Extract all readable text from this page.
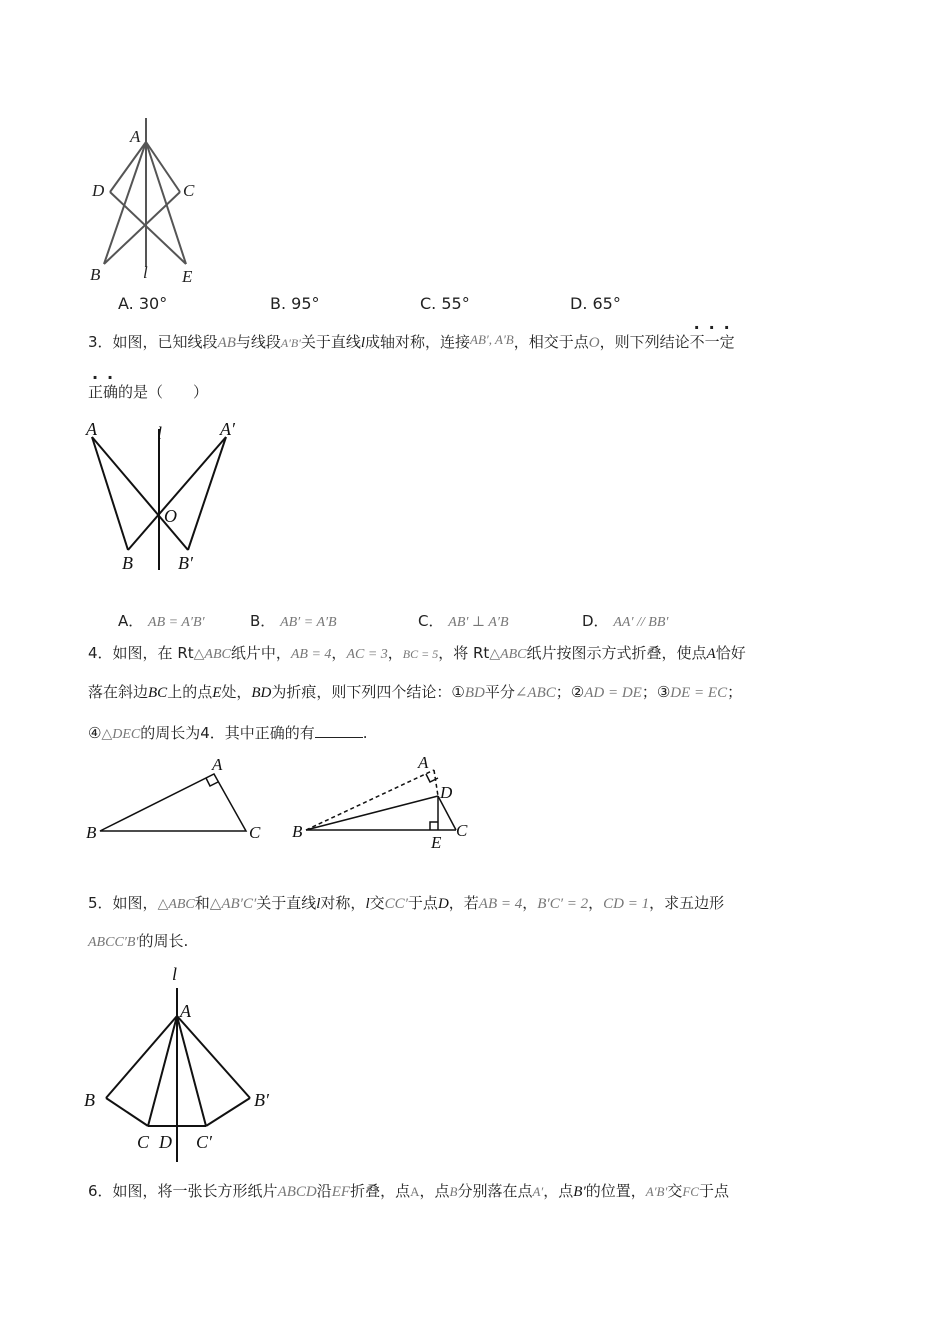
A
D	C
B	l E
A. 30°	B. 95°	C. 55°	D. 65°
3．如图，已知线段AB与线段A′B′关于直线l成轴对称，连接AB′, A′B，相交于点O，则下列结论不一定
正确的是（　　）
A	l	A′
O
B	B′
A． AB = A′B′	B． AB′ = A′B	C． AB′ ⊥ A′B	D． AA′ // BB′
4．如图，在 Rt△ABC纸片中，AB = 4，AC = 3，BC = 5，将 Rt△ABC纸片按图示方式折叠，使点A恰好
落在斜边BC上的点E处，BD为折痕，则下列四个结论：①BD平分∠ABC；②AD = DE；③DE = EC；
④△DEC的周长为4．其中正确的有	.
A
B	C
A
D
B	C
E
5．如图，△ABC和△AB′C′关于直线l对称，l交CC′于点D，若AB = 4，B′C′ = 2，CD = 1，求五边形
ABCC′B′的周长.
l
A
B	B′
C D C′
6．如图，将一张长方形纸片ABCD沿EF折叠，点A，点B分别落在点A′，点B′的位置，A′B′交FC于点
